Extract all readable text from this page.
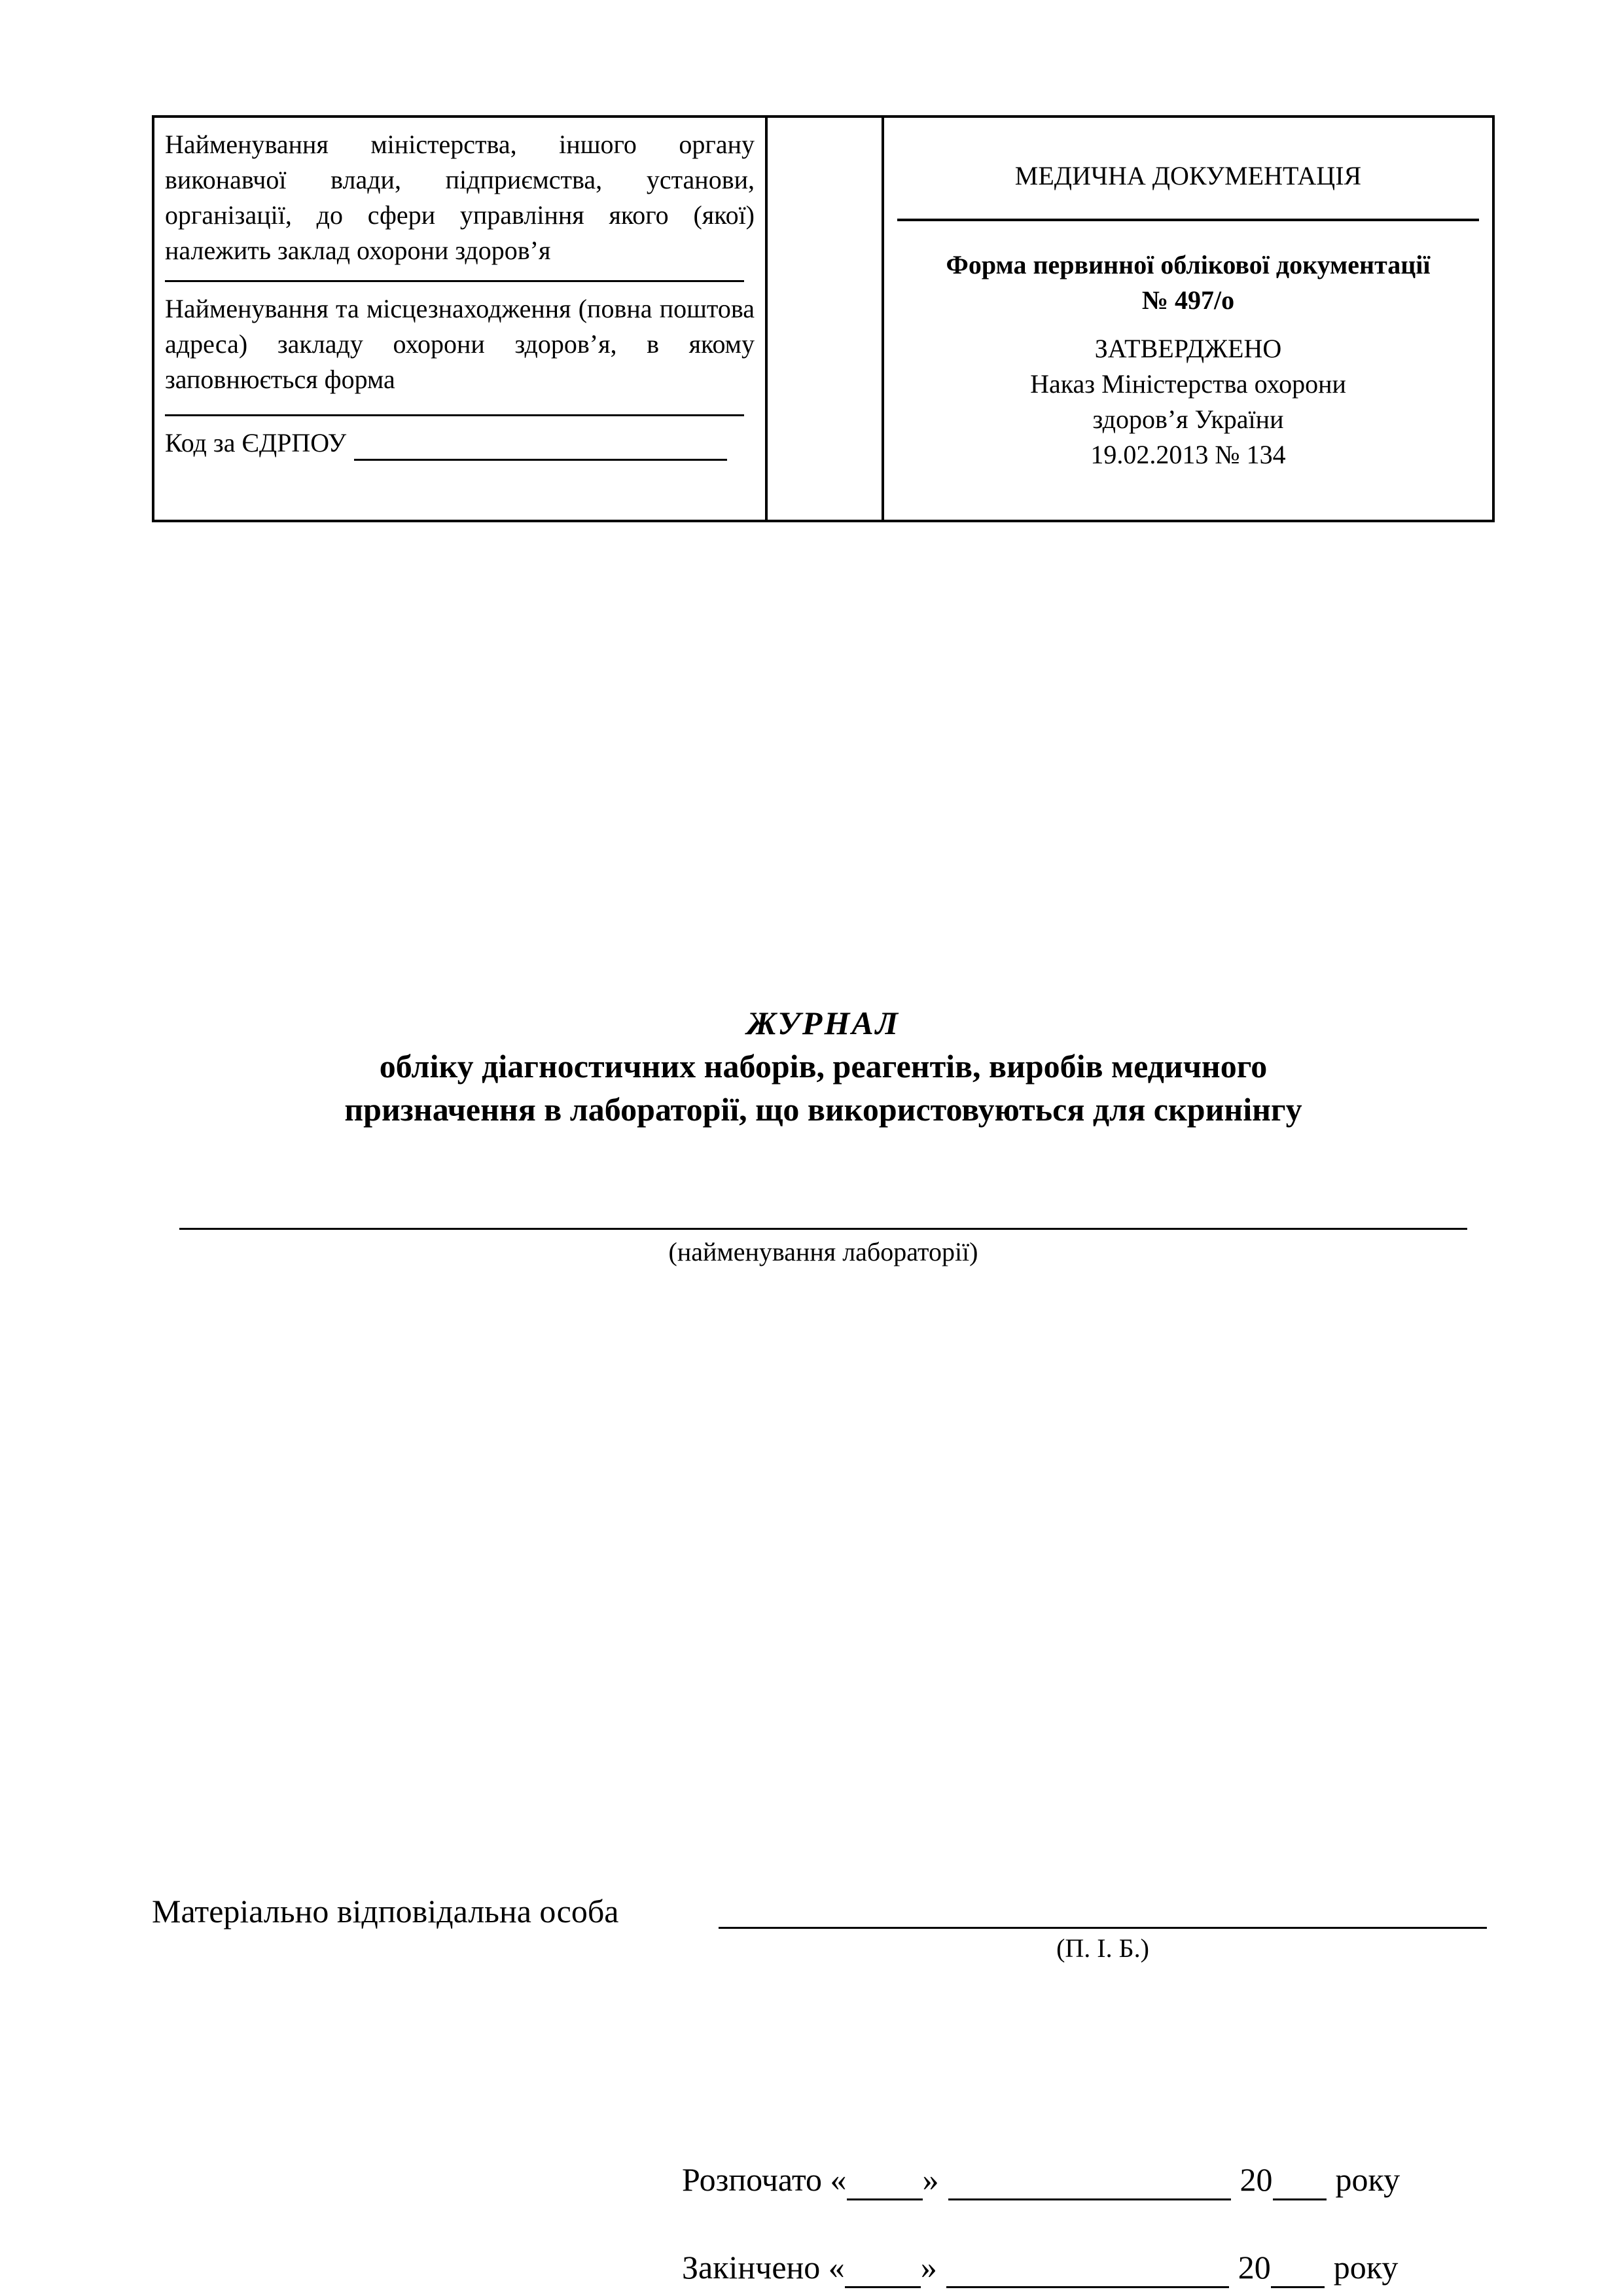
Найменування міністерства, іншого органу виконавчої влади, підприємства, установи, організації, до сфери управління якого (якої) належить заклад охорони здоров’я

Найменування та місцезнаходження (повна поштова адреса) закладу охорони здоров’я, в якому заповнюється форма

Код за ЄДРПОУ
МЕДИЧНА ДОКУМЕНТАЦІЯ
Форма первинної облікової документації
№ 497/о
ЗАТВЕРДЖЕНО
Наказ Міністерства охорони
здоров’я України
19.02.2013 № 134
ЖУРНАЛ
обліку діагностичних наборів, реагентів, виробів медичного
призначення в лабораторії, що використовуються для скринінгу
(найменування лабораторії)
Матеріально відповідальна особа
(П. І. Б.)
Розпочато « »	20 року
Закінчено « »	20 року
